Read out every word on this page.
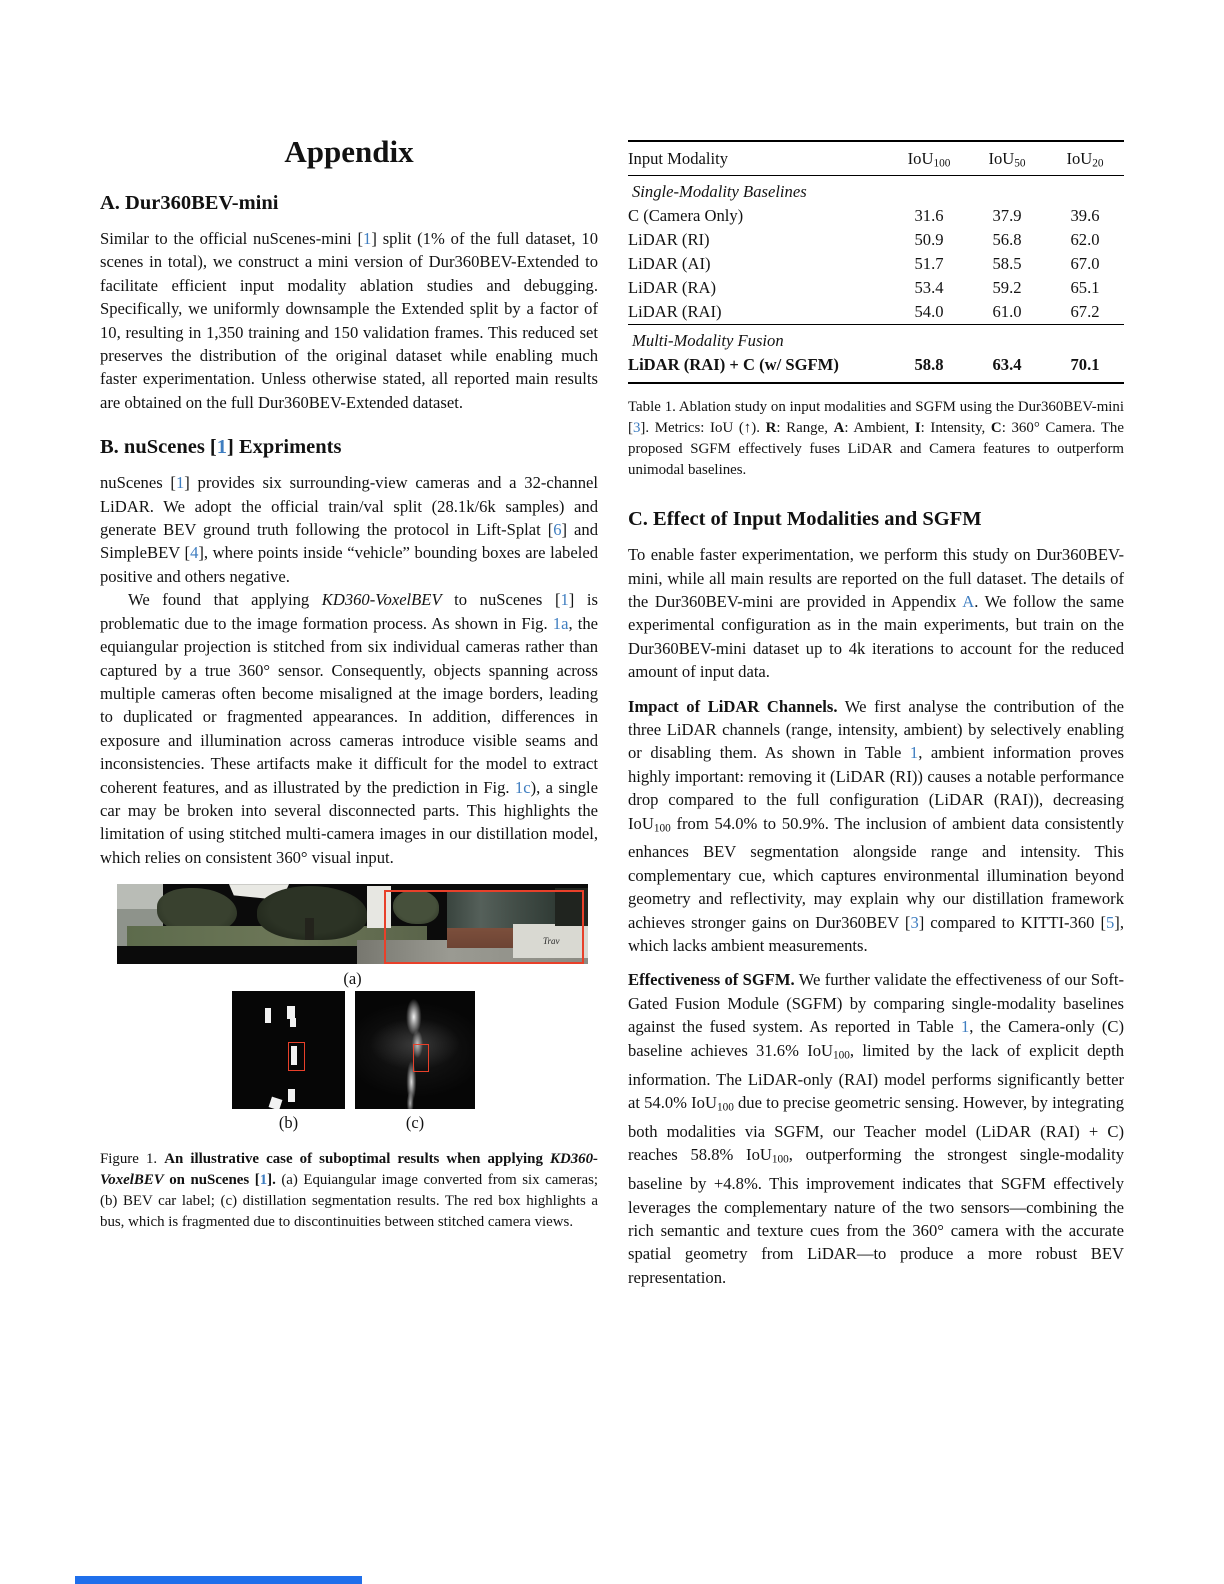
Appendix
A. Dur360BEV-mini

Similar to the official nuScenes-mini [1] split (1% of the full dataset, 10 scenes in total), we construct a mini version of Dur360BEV-Extended to facilitate efficient input modality ablation studies and debugging. Specifically, we uniformly downsample the Extended split by a factor of 10, resulting in 1,350 training and 150 validation frames. This reduced set preserves the distribution of the original dataset while enabling much faster experimentation. Unless otherwise stated, all reported main results are obtained on the full Dur360BEV-Extended dataset.

B. nuScenes [1] Expriments

nuScenes [1] provides six surrounding-view cameras and a 32-channel LiDAR. We adopt the official train/val split (28.1k/6k samples) and generate BEV ground truth following the protocol in Lift-Splat [6] and SimpleBEV [4], where points inside “vehicle” bounding boxes are labeled positive and others negative.

We found that applying KD360-VoxelBEV to nuScenes [1] is problematic due to the image formation process. As shown in Fig. 1a, the equiangular projection is stitched from six individual cameras rather than captured by a true 360° sensor. Consequently, objects spanning across multiple cameras often become misaligned at the image borders, leading to duplicated or fragmented appearances. In addition, differences in exposure and illumination across cameras introduce visible seams and inconsistencies. These artifacts make it difficult for the model to extract coherent features, and as illustrated by the prediction in Fig. 1c), a single car may be broken into several disconnected parts. This highlights the limitation of using stitched multi-camera images in our distillation model, which relies on consistent 360° visual input.

Trav
(a)
(b)	(c)

Figure 1. An illustrative case of suboptimal results when applying KD360-VoxelBEV on nuScenes [1]. (a) Equiangular image converted from six cameras; (b) BEV car label; (c) distillation segmentation results. The red box highlights a bus, which is fragmented due to discontinuities between stitched camera views.

Input Modality	IoU100	IoU50	IoU20
Single-Modality Baselines			
C (Camera Only)	31.6	37.9	39.6
LiDAR (RI)	50.9	56.8	62.0
LiDAR (AI)	51.7	58.5	67.0
LiDAR (RA)	53.4	59.2	65.1
LiDAR (RAI)	54.0	61.0	67.2
Multi-Modality Fusion			
LiDAR (RAI) + C (w/ SGFM)	58.8	63.4	70.1

Table 1. Ablation study on input modalities and SGFM using the Dur360BEV-mini [3]. Metrics: IoU (↑). R: Range, A: Ambient, I: Intensity, C: 360° Camera. The proposed SGFM effectively fuses LiDAR and Camera features to outperform unimodal baselines.

C. Effect of Input Modalities and SGFM

To enable faster experimentation, we perform this study on Dur360BEV-mini, while all main results are reported on the full dataset. The details of the Dur360BEV-mini are provided in Appendix A. We follow the same experimental configuration as in the main experiments, but train on the Dur360BEV-mini dataset up to 4k iterations to account for the reduced amount of input data.

Impact of LiDAR Channels. We first analyse the contribution of the three LiDAR channels (range, intensity, ambient) by selectively enabling or disabling them. As shown in Table 1, ambient information proves highly important: removing it (LiDAR (RI)) causes a notable performance drop compared to the full configuration (LiDAR (RAI)), decreasing IoU100 from 54.0% to 50.9%. The inclusion of ambient data consistently enhances BEV segmentation alongside range and intensity. This complementary cue, which captures environmental illumination beyond geometry and reflectivity, may explain why our distillation framework achieves stronger gains on Dur360BEV [3] compared to KITTI-360 [5], which lacks ambient measurements.

Effectiveness of SGFM. We further validate the effectiveness of our Soft-Gated Fusion Module (SGFM) by comparing single-modality baselines against the fused system. As reported in Table 1, the Camera-only (C) baseline achieves 31.6% IoU100, limited by the lack of explicit depth information. The LiDAR-only (RAI) model performs significantly better at 54.0% IoU100 due to precise geometric sensing. However, by integrating both modalities via SGFM, our Teacher model (LiDAR (RAI) + C) reaches 58.8% IoU100, outperforming the strongest single-modality baseline by +4.8%. This improvement indicates that SGFM effectively leverages the complementary nature of the two sensors—combining the rich semantic and texture cues from the 360° camera with the accurate spatial geometry from LiDAR—to produce a more robust BEV representation.
